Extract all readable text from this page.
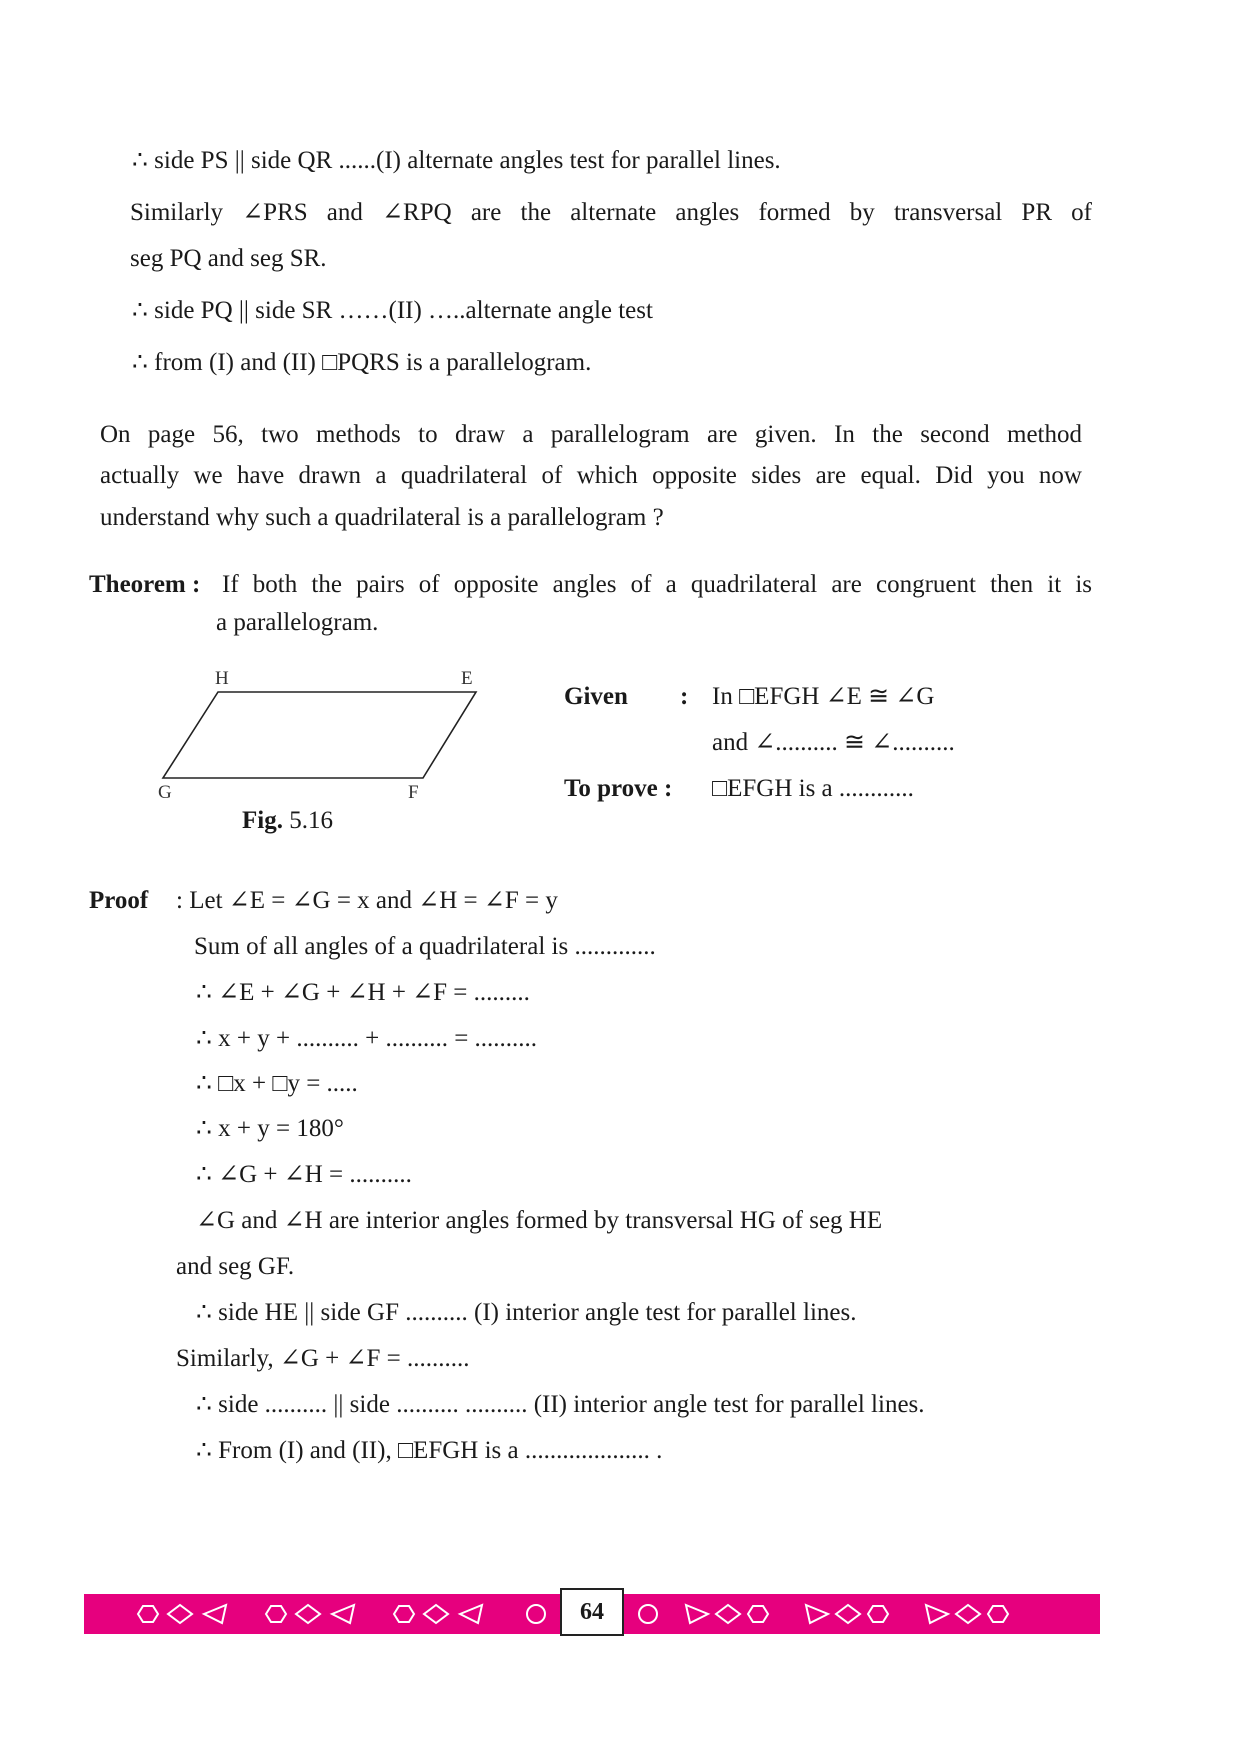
∴ side PS || side QR ......(I) alternate angles test for parallel lines.
Similarly ∠PRS and ∠RPQ are the alternate angles formed by transversal PR of
seg PQ and seg SR.
∴ side PQ || side SR ……(II) …..alternate angle test
∴ from (I) and (II) □PQRS is a parallelogram.
On page 56, two methods to draw a parallelogram are given. In the second method
actually we have drawn a quadrilateral of which opposite sides are equal. Did you now
understand why such a quadrilateral is a parallelogram ?
Theorem : If both the pairs of opposite angles of a quadrilateral are congruent then it is
a parallelogram.
H	E
G	F
Fig. 5.16
Given : In □EFGH ∠E ≅ ∠G
and ∠.......... ≅ ∠..........
To prove : □EFGH is a ............
Proof : Let ∠E = ∠G = x and ∠H = ∠F = y
Sum of all angles of a quadrilateral is .............
∴ ∠E + ∠G + ∠H + ∠F = .........
∴ x + y + .......... + .......... = ..........
∴ □x + □y = .....
∴ x + y = 180°
∴ ∠G + ∠H = ..........
∠G and ∠H are interior angles formed by transversal HG of seg HE
and seg GF.
∴ side HE || side GF .......... (I) interior angle test for parallel lines.
Similarly, ∠G + ∠F = ..........
∴ side .......... || side .......... .......... (II) interior angle test for parallel lines.
∴ From (I) and (II), □EFGH is a .................... .
64
